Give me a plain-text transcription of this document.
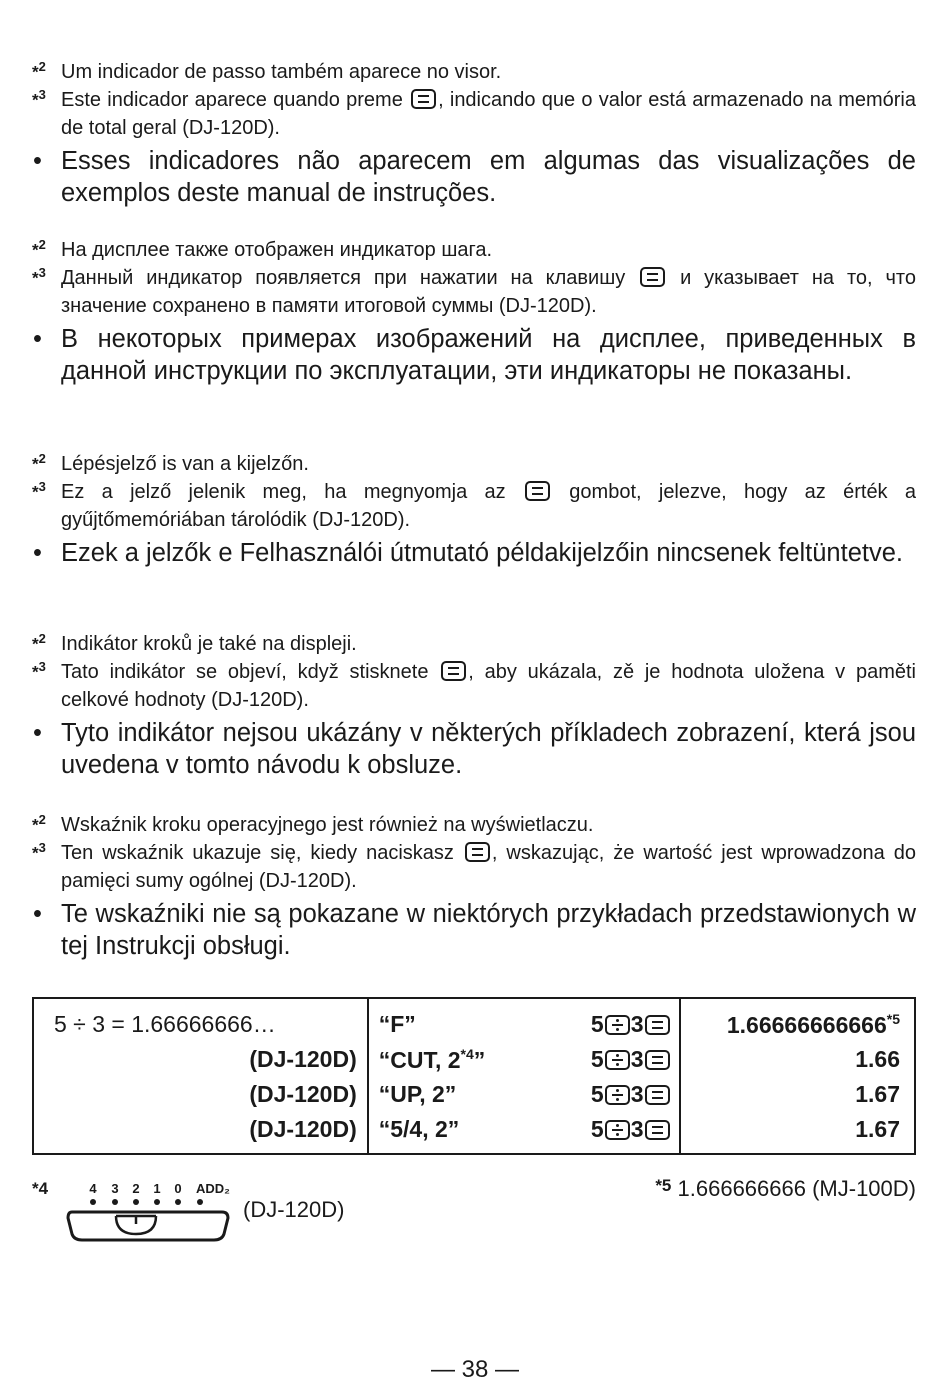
*$^2$ Um indicador de passo também aparece no visor.
*$^3$ Este indicador aparece quando preme , indicando que o valor está armazenado na memória de total geral (DJ-120D).
• Esses indicadores não aparecem em algumas das visualizações de exemplos deste manual de instruções.
*$^2$ На дисплее также отображен индикатор шага.
*$^3$ Данный индикатор появляется при нажатии на клавишу	и указывает на то, что значение сохранено в памяти итоговой суммы (DJ-120D).
• В некоторых примерах изображений на дисплее, приведенных в данной инструкции по эксплуатации, эти индикаторы не показаны.
*$^2$ Lépésjelző is van a kijelzőn.
*$^3$ Ez a jelző jelenik meg, ha megnyomja az	gombot, jelezve, hogy az érték a gyűjtőmemóriában tárolódik (DJ-120D).
• Ezek a jelzők e Felhasználói útmutató példakijelzőin nincsenek feltüntetve.
*$^2$ Indikátor kroků je také na displeji.
*$^3$ Tato indikátor se objeví, když stisknete , aby ukázala, zě je hodnota uložena v paměti celkové hodnoty (DJ-120D).
• Tyto indikátor nejsou ukázány v některých příkladech zobrazení, která jsou uvedena v tomto návodu k obsluze.
*$^2$ Wskaźnik kroku operacyjnego jest również na wyświetlaczu.
*$^3$ Ten wskaźnik ukazuje się, kiedy naciskasz , wskazując, że wartość jest wprowadzona do pamięci sumy ogólnej (DJ-120D).
• Te wskaźniki nie są pokazane w niektórych przykładach przedstawionych w tej Instrukcji obsługi.
5 ÷ 3 = 1.66666666…	“F” 5 3	1.66666666666$^{*5}$

(DJ-120D)	“CUT, 2$^{*4}$” 5 3	1.66

(DJ-120D)	“UP, 2” 5 3	1.67

(DJ-120D)	“5/4, 2” 5 3	1.67
*4	4 3 2 1 0 ADD₂
(DJ-120D)
$^{*5}$ 1.666666666 (MJ-100D)
— 38 —
